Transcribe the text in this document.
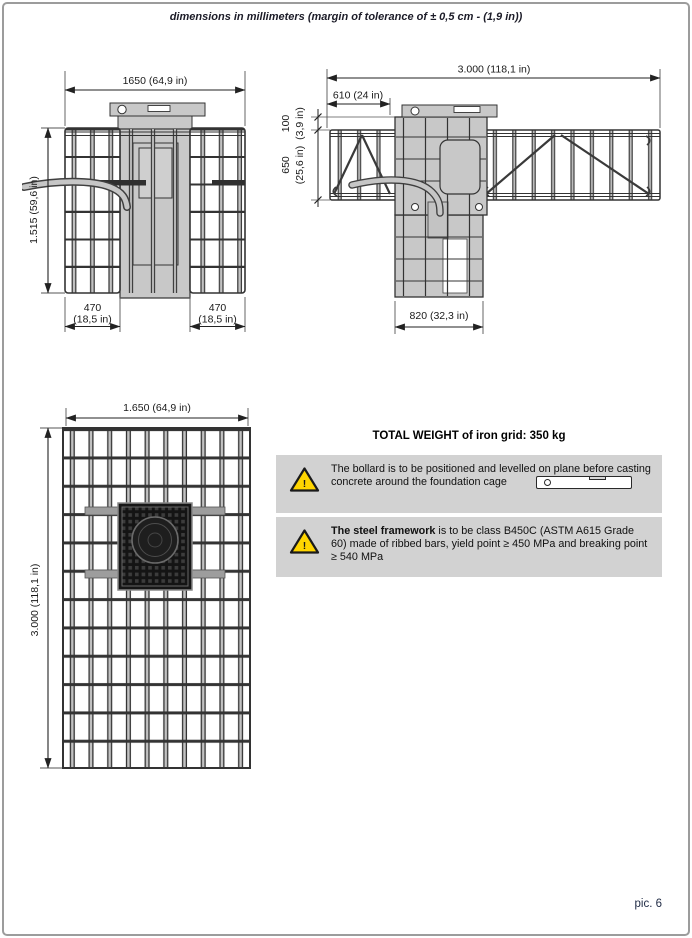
dimensions in millimeters (margin of tolerance of ± 0,5 cm - (1,9 in))
1650 (64,9 in)
1.515 (59,6 in)
470
(18,5 in)
470
(18,5 in)
3.000 (118,1 in)
610 (24 in)
100 (3,9 in)
650 (25,6 in)
820 (32,3 in)
1.650 (64,9 in)
3.000 (118,1 in)
TOTAL WEIGHT of iron grid: 350 kg
!
The bollard is to be positioned and levelled on plane before casting concrete around the foundation cage
!
The steel framework is to be class B450C (ASTM A615 Grade 60) made of ribbed bars, yield point ≥ 450 MPa and breaking point ≥ 540 MPa
pic. 6
